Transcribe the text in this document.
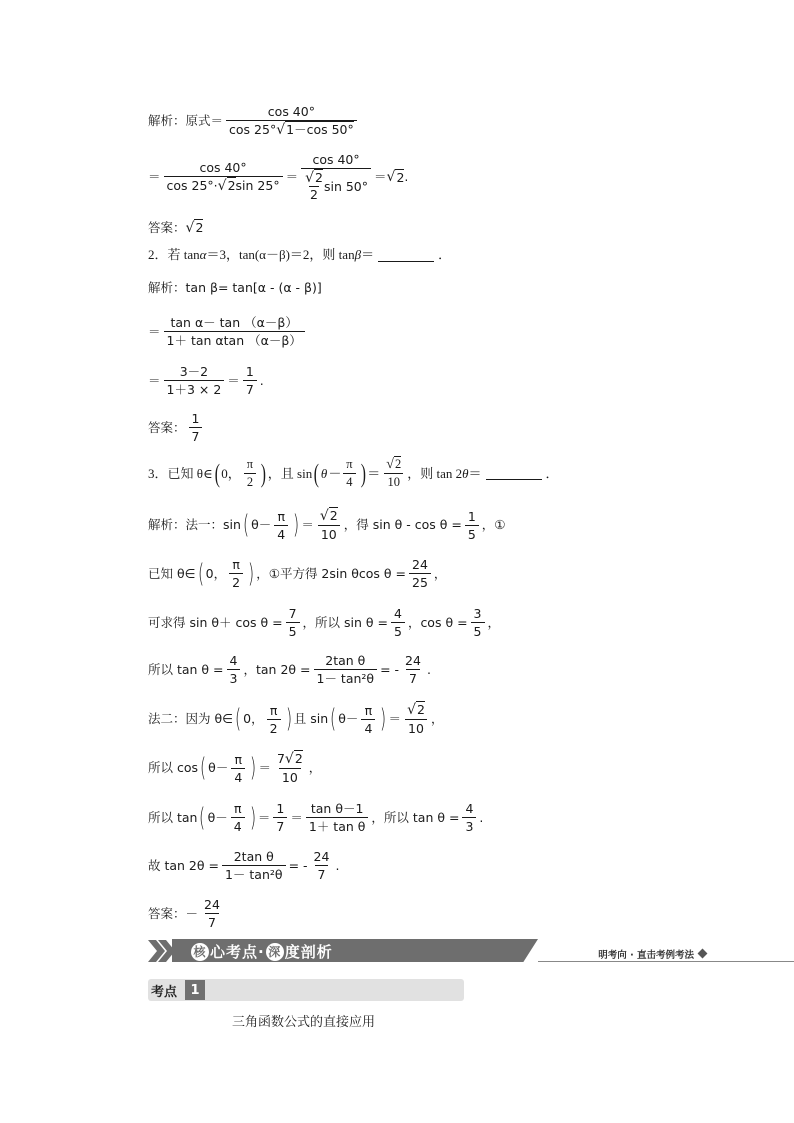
解析： 原式＝ $\frac{\cos 40^\circ}{\cos 25^\circ√1-\cos 50^\circ}$
＝ $\frac{\cos 40^\circ}{\cos 25^\circ\cdot√2\sin 25^\circ} = \frac{\cos 40^\circ}{\frac{√2}{2} \sin 50^\circ}$ ＝ √ 2 .
答案： √ 2
2．若 tan α ＝3，tan(α－β)＝2，则 tan β ＝	．
解析： tan β= tan[α - (α - β)]
＝ $\frac{\text{tan α－ tan （α－β）}}{\text{1＋ tan αtan （α－β）}}$
＝ $\frac{3-2}{1+3 \times 2} = \frac{1}{7}$ .
答案： $\frac{1}{7}$
3．已知 θ∈ ( 0， $\frac{\pi}{2}$ ) ，且 sin ( $\theta- \frac{\pi}{4}$ ) ＝ $\frac{√2}{10}$ ，则 tan 2 θ ＝	．
解析： 法一：sin ( $\theta- \frac{\pi}{4}$ ) ＝ $\frac{√2}{10}$ ，得 $\sin \theta - \cos \theta = \frac{1}{5}$ ，①
已知 θ∈ ( 0， $\frac{\pi}{2}$ ) ，①平方得 2sin θcos $\theta = \frac{24}{25}$ ，
可求得 $\sin \theta+ \cos \theta = \frac{7}{5}$ ，所以 $\sin \theta = \frac{4}{5}$ ，$\cos \theta = \frac{3}{5}$ ，
所以 $\tan \theta = \frac{4}{3}$ ，$\tan 2\theta = \frac{\text{2tan θ}}{\text{1－ tan²θ}}$ = - $\frac{24}{7}$ .
法二：因为 θ∈ ( 0， $\frac{\pi}{2}$ ) 且 sin ( $\theta- \frac{\pi}{4}$ ) ＝ $\frac{√2}{10}$ ，
所以 cos ( $\theta- \frac{\pi}{4}$ ) ＝ $\frac{7√2}{10}$ ，
所以 tan ( $\theta- \frac{\pi}{4}$ ) ＝ $\frac{1}{7} = \frac{\text{tan θ－1}}{\text{1＋ tan θ}}$ ，所以 $\tan \theta = \frac{4}{3}$ .
故 $\tan 2\theta = \frac{\text{2tan θ}}{\text{1－ tan²θ}}$ = - $\frac{24}{7}$ .
答案： － $\frac{24}{7}$
核 心考点· 深 度剖析	明考向 · 直击考例考法
考点	1
三角函数公式的直接应用
